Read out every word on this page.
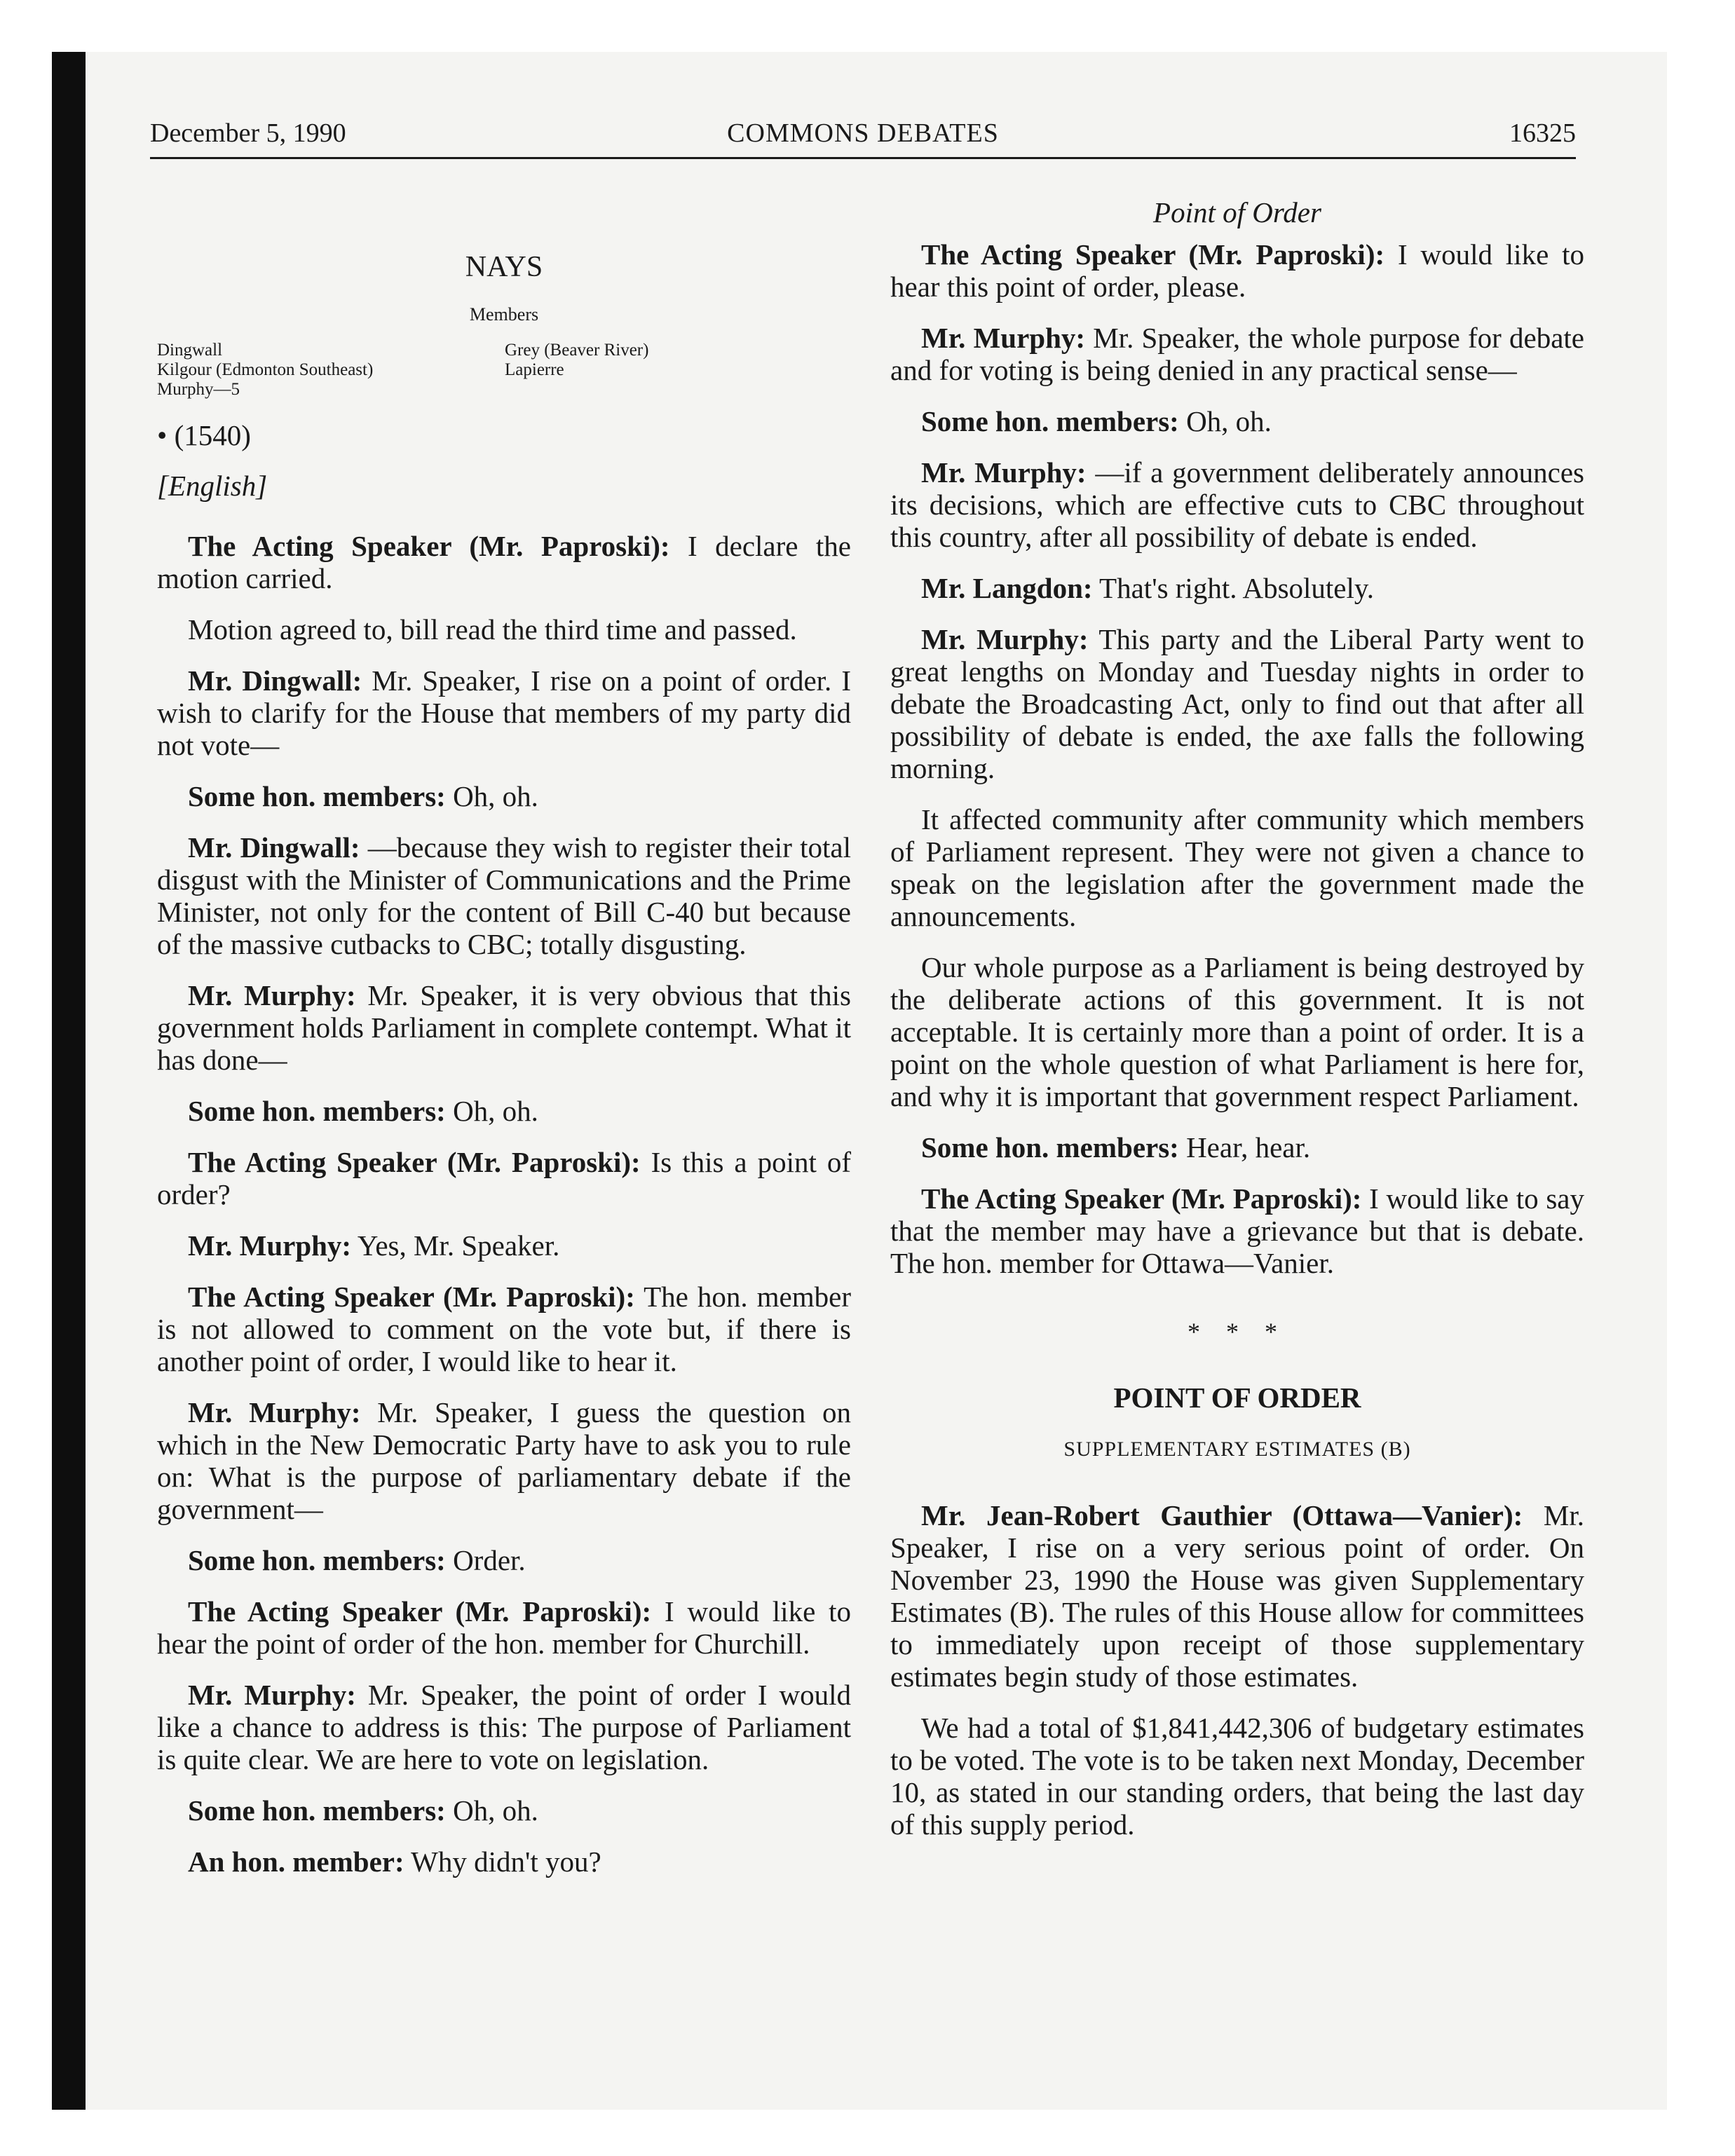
December 5, 1990	COMMONS DEBATES	16325
NAYS
Members
Dingwall
Kilgour (Edmonton Southeast)
Murphy—5
Grey (Beaver River)
Lapierre
• (1540)
[English]

The Acting Speaker (Mr. Paproski): I declare the motion carried.

Motion agreed to, bill read the third time and passed.

Mr. Dingwall: Mr. Speaker, I rise on a point of order. I wish to clarify for the House that members of my party did not vote—

Some hon. members: Oh, oh.

Mr. Dingwall: —because they wish to register their total disgust with the Minister of Communications and the Prime Minister, not only for the content of Bill C-40 but because of the massive cutbacks to CBC; totally disgusting.

Mr. Murphy: Mr. Speaker, it is very obvious that this government holds Parliament in complete contempt. What it has done—

Some hon. members: Oh, oh.

The Acting Speaker (Mr. Paproski): Is this a point of order?

Mr. Murphy: Yes, Mr. Speaker.

The Acting Speaker (Mr. Paproski): The hon. member is not allowed to comment on the vote but, if there is another point of order, I would like to hear it.

Mr. Murphy: Mr. Speaker, I guess the question on which in the New Democratic Party have to ask you to rule on: What is the purpose of parliamentary debate if the government—

Some hon. members: Order.

The Acting Speaker (Mr. Paproski): I would like to hear the point of order of the hon. member for Churchill.

Mr. Murphy: Mr. Speaker, the point of order I would like a chance to address is this: The purpose of Parliament is quite clear. We are here to vote on legislation.

Some hon. members: Oh, oh.

An hon. member: Why didn't you?

Point of Order

The Acting Speaker (Mr. Paproski): I would like to hear this point of order, please.

Mr. Murphy: Mr. Speaker, the whole purpose for debate and for voting is being denied in any practical sense—

Some hon. members: Oh, oh.

Mr. Murphy: —if a government deliberately announces its decisions, which are effective cuts to CBC throughout this country, after all possibility of debate is ended.

Mr. Langdon: That's right. Absolutely.

Mr. Murphy: This party and the Liberal Party went to great lengths on Monday and Tuesday nights in order to debate the Broadcasting Act, only to find out that after all possibility of debate is ended, the axe falls the following morning.

It affected community after community which members of Parliament represent. They were not given a chance to speak on the legislation after the government made the announcements.

Our whole purpose as a Parliament is being destroyed by the deliberate actions of this government. It is not acceptable. It is certainly more than a point of order. It is a point on the whole question of what Parliament is here for, and why it is important that government respect Parliament.

Some hon. members: Hear, hear.

The Acting Speaker (Mr. Paproski): I would like to say that the member may have a grievance but that is debate. The hon. member for Ottawa—Vanier.

* * *
POINT OF ORDER
SUPPLEMENTARY ESTIMATES (B)

Mr. Jean-Robert Gauthier (Ottawa—Vanier): Mr. Speaker, I rise on a very serious point of order. On November 23, 1990 the House was given Supplementary Estimates (B). The rules of this House allow for committees to immediately upon receipt of those supplementary estimates begin study of those estimates.

We had a total of $1,841,442,306 of budgetary estimates to be voted. The vote is to be taken next Monday, December 10, as stated in our standing orders, that being the last day of this supply period.
